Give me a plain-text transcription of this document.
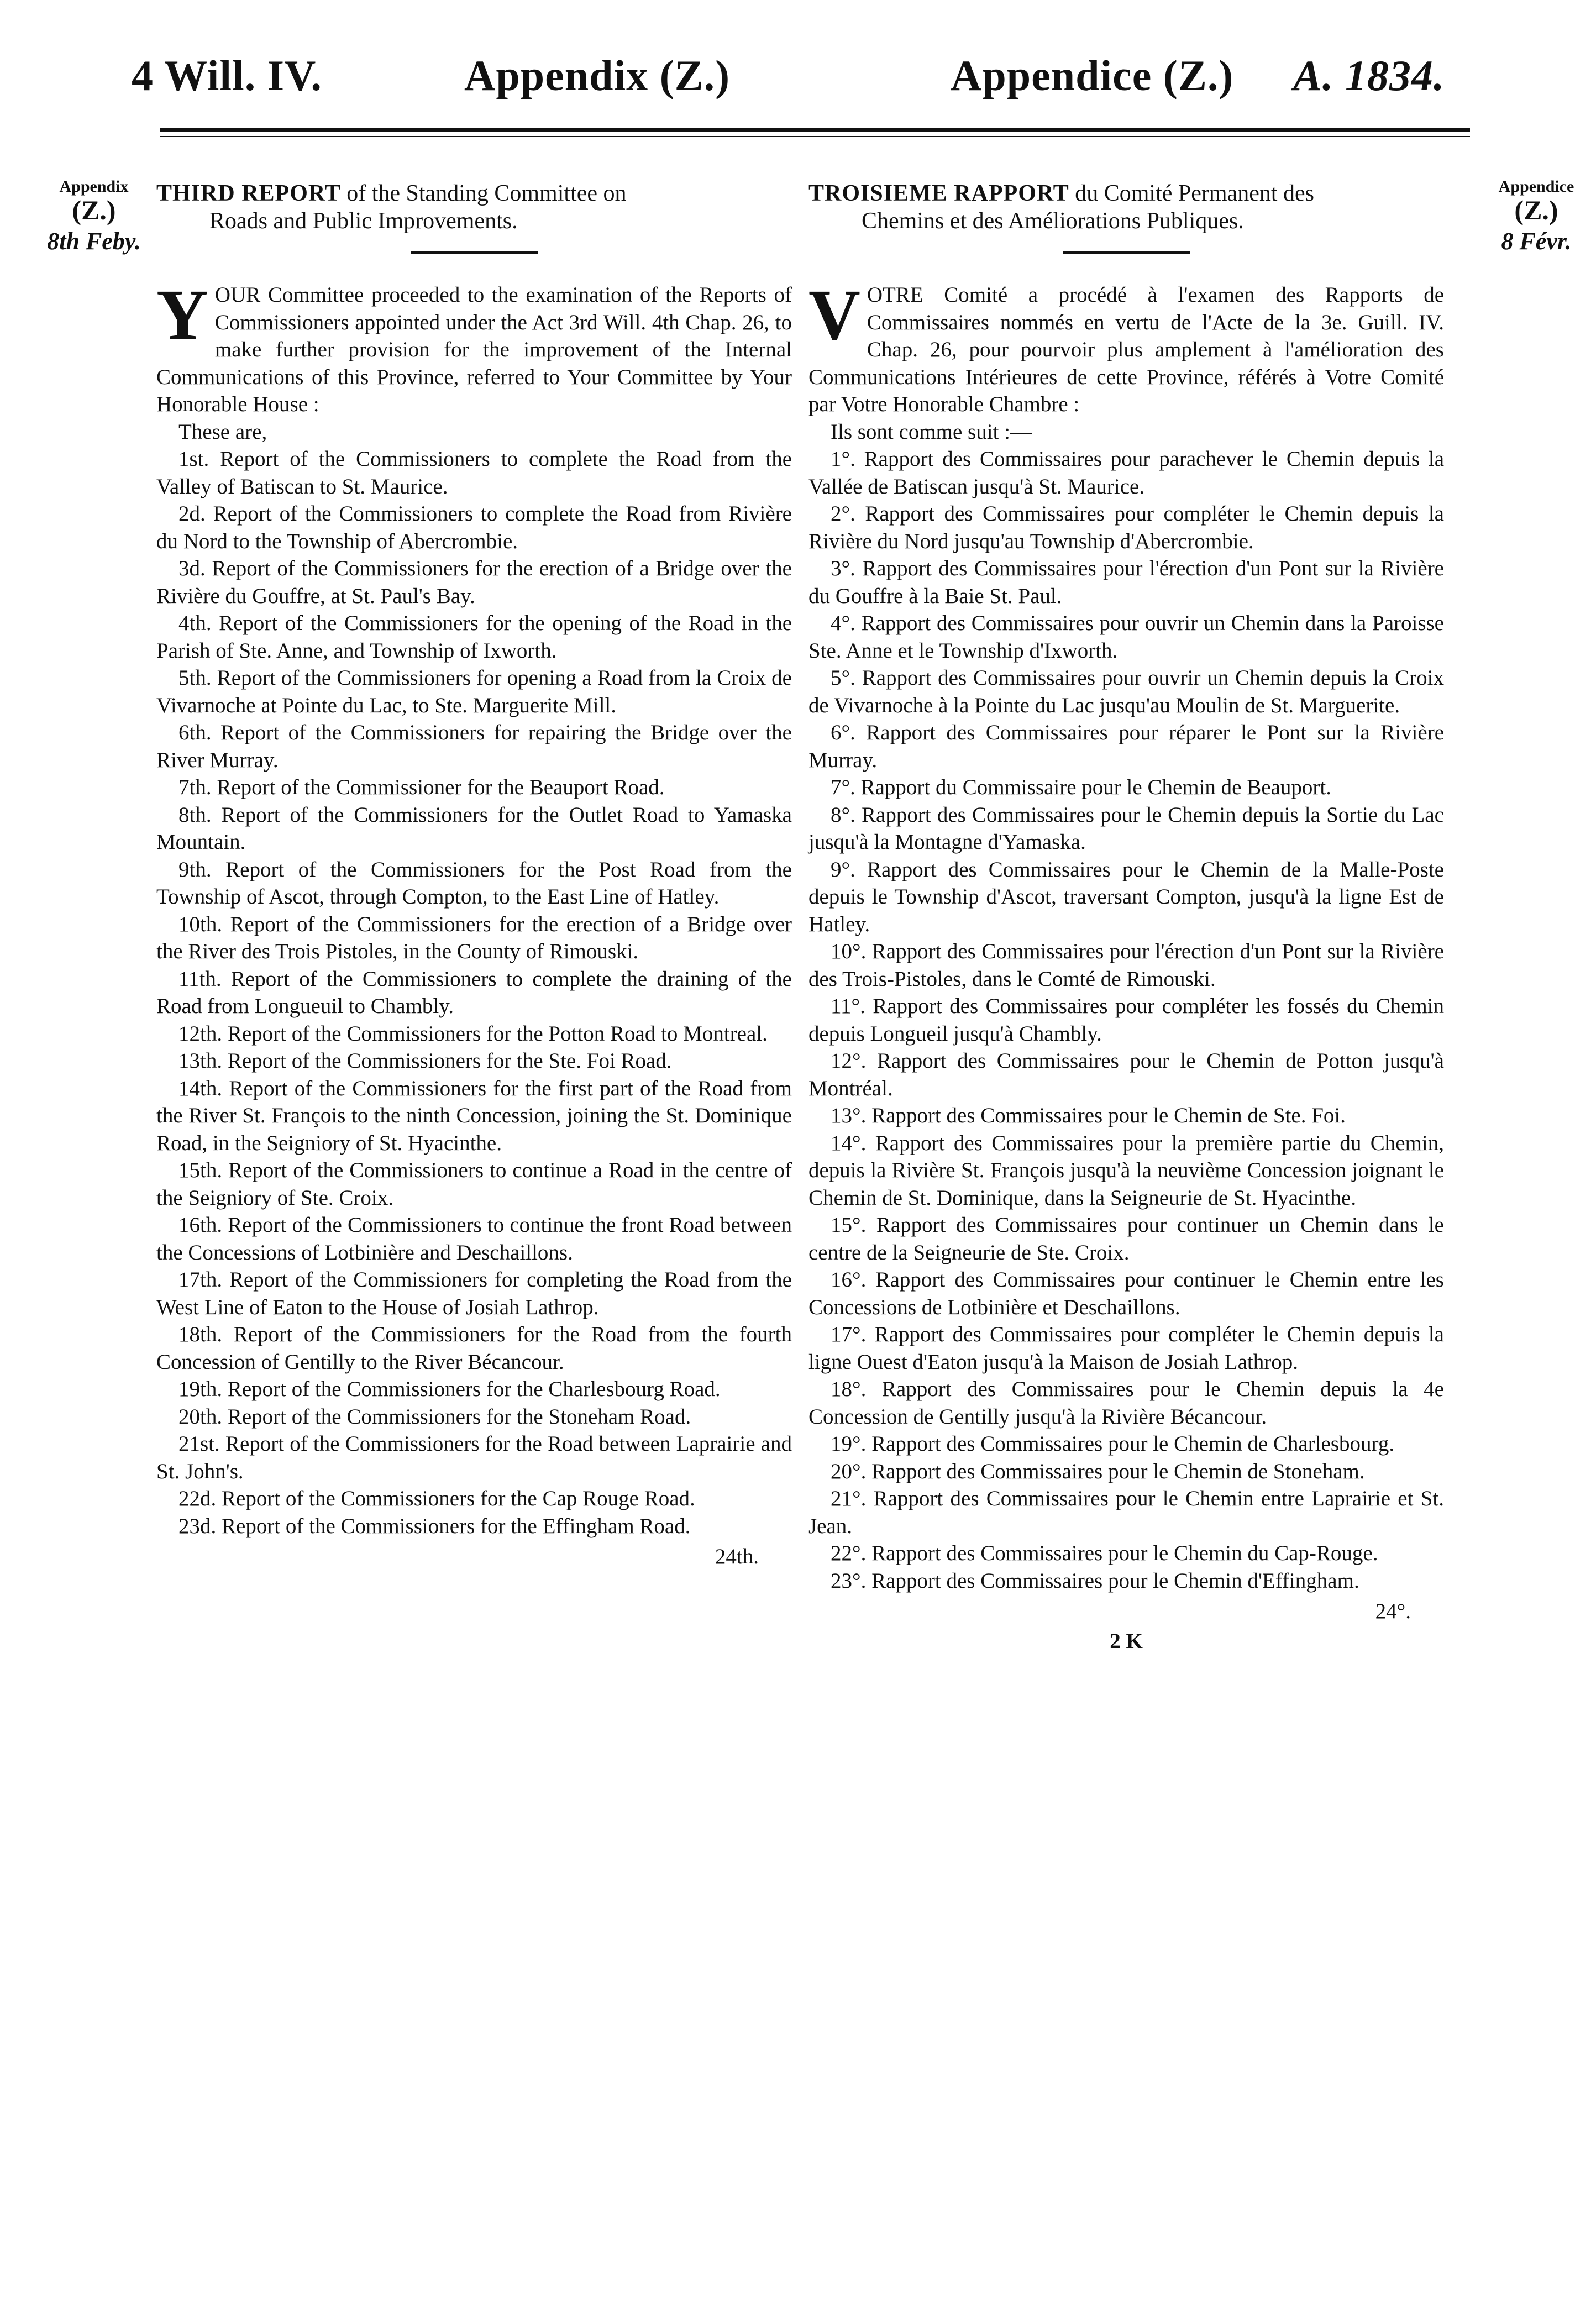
4 Will. IV.	Appendix (Z.)	Appendice (Z.) A. 1834.
Appendix
(Z.)
8th Feby.
Appendice
(Z.)
8 Févr.
THIRD REPORT of the Standing Committee on
Roads and Public Improvements.

YOUR Committee proceeded to the examination of the Reports of Commissioners appointed under the Act 3rd Will. 4th Chap. 26, to make further provision for the improvement of the Internal Communications of this Province, referred to Your Committee by Your Honorable House :

These are,

1st. Report of the Commissioners to complete the Road from the Valley of Batiscan to St. Maurice.

2d. Report of the Commissioners to complete the Road from Rivière du Nord to the Township of Abercrombie.

3d. Report of the Commissioners for the erection of a Bridge over the Rivière du Gouffre, at St. Paul's Bay.

4th. Report of the Commissioners for the opening of the Road in the Parish of Ste. Anne, and Township of Ixworth.

5th. Report of the Commissioners for opening a Road from la Croix de Vivarnoche at Pointe du Lac, to Ste. Marguerite Mill.

6th. Report of the Commissioners for repairing the Bridge over the River Murray.

7th. Report of the Commissioner for the Beauport Road.

8th. Report of the Commissioners for the Outlet Road to Yamaska Mountain.

9th. Report of the Commissioners for the Post Road from the Township of Ascot, through Compton, to the East Line of Hatley.

10th. Report of the Commissioners for the erection of a Bridge over the River des Trois Pistoles, in the County of Rimouski.

11th. Report of the Commissioners to complete the draining of the Road from Longueuil to Chambly.

12th. Report of the Commissioners for the Potton Road to Montreal.

13th. Report of the Commissioners for the Ste. Foi Road.

14th. Report of the Commissioners for the first part of the Road from the River St. François to the ninth Concession, joining the St. Dominique Road, in the Seigniory of St. Hyacinthe.

15th. Report of the Commissioners to continue a Road in the centre of the Seigniory of Ste. Croix.

16th. Report of the Commissioners to continue the front Road between the Concessions of Lotbinière and Deschaillons.

17th. Report of the Commissioners for completing the Road from the West Line of Eaton to the House of Josiah Lathrop.

18th. Report of the Commissioners for the Road from the fourth Concession of Gentilly to the River Bécancour.

19th. Report of the Commissioners for the Charlesbourg Road.

20th. Report of the Commissioners for the Stoneham Road.

21st. Report of the Commissioners for the Road between Laprairie and St. John's.

22d. Report of the Commissioners for the Cap Rouge Road.

23d. Report of the Commissioners for the Effingham Road.

24th.
TROISIEME RAPPORT du Comité Permanent des
Chemins et des Améliorations Publiques.

VOTRE Comité a procédé à l'examen des Rapports de Commissaires nommés en vertu de l'Acte de la 3e. Guill. IV. Chap. 26, pour pourvoir plus amplement à l'amélioration des Communications Intérieures de cette Province, référés à Votre Comité par Votre Honorable Chambre :

Ils sont comme suit :—

1°. Rapport des Commissaires pour parachever le Chemin depuis la Vallée de Batiscan jusqu'à St. Maurice.

2°. Rapport des Commissaires pour compléter le Chemin depuis la Rivière du Nord jusqu'au Township d'Abercrombie.

3°. Rapport des Commissaires pour l'érection d'un Pont sur la Rivière du Gouffre à la Baie St. Paul.

4°. Rapport des Commissaires pour ouvrir un Chemin dans la Paroisse Ste. Anne et le Township d'Ixworth.

5°. Rapport des Commissaires pour ouvrir un Chemin depuis la Croix de Vivarnoche à la Pointe du Lac jusqu'au Moulin de St. Marguerite.

6°. Rapport des Commissaires pour réparer le Pont sur la Rivière Murray.

7°. Rapport du Commissaire pour le Chemin de Beauport.

8°. Rapport des Commissaires pour le Chemin depuis la Sortie du Lac jusqu'à la Montagne d'Yamaska.

9°. Rapport des Commissaires pour le Chemin de la Malle-Poste depuis le Township d'Ascot, traversant Compton, jusqu'à la ligne Est de Hatley.

10°. Rapport des Commissaires pour l'érection d'un Pont sur la Rivière des Trois-Pistoles, dans le Comté de Rimouski.

11°. Rapport des Commissaires pour compléter les fossés du Chemin depuis Longueil jusqu'à Chambly.

12°. Rapport des Commissaires pour le Chemin de Potton jusqu'à Montréal.

13°. Rapport des Commissaires pour le Chemin de Ste. Foi.

14°. Rapport des Commissaires pour la première partie du Chemin, depuis la Rivière St. François jusqu'à la neuvième Concession joignant le Chemin de St. Dominique, dans la Seigneurie de St. Hyacinthe.

15°. Rapport des Commissaires pour continuer un Chemin dans le centre de la Seigneurie de Ste. Croix.

16°. Rapport des Commissaires pour continuer le Chemin entre les Concessions de Lotbinière et Deschaillons.

17°. Rapport des Commissaires pour compléter le Chemin depuis la ligne Ouest d'Eaton jusqu'à la Maison de Josiah Lathrop.

18°. Rapport des Commissaires pour le Chemin depuis la 4e Concession de Gentilly jusqu'à la Rivière Bécancour.

19°. Rapport des Commissaires pour le Chemin de Charlesbourg.

20°. Rapport des Commissaires pour le Chemin de Stoneham.

21°. Rapport des Commissaires pour le Chemin entre Laprairie et St. Jean.

22°. Rapport des Commissaires pour le Chemin du Cap-Rouge.

23°. Rapport des Commissaires pour le Chemin d'Effingham.

24°.
2 K
